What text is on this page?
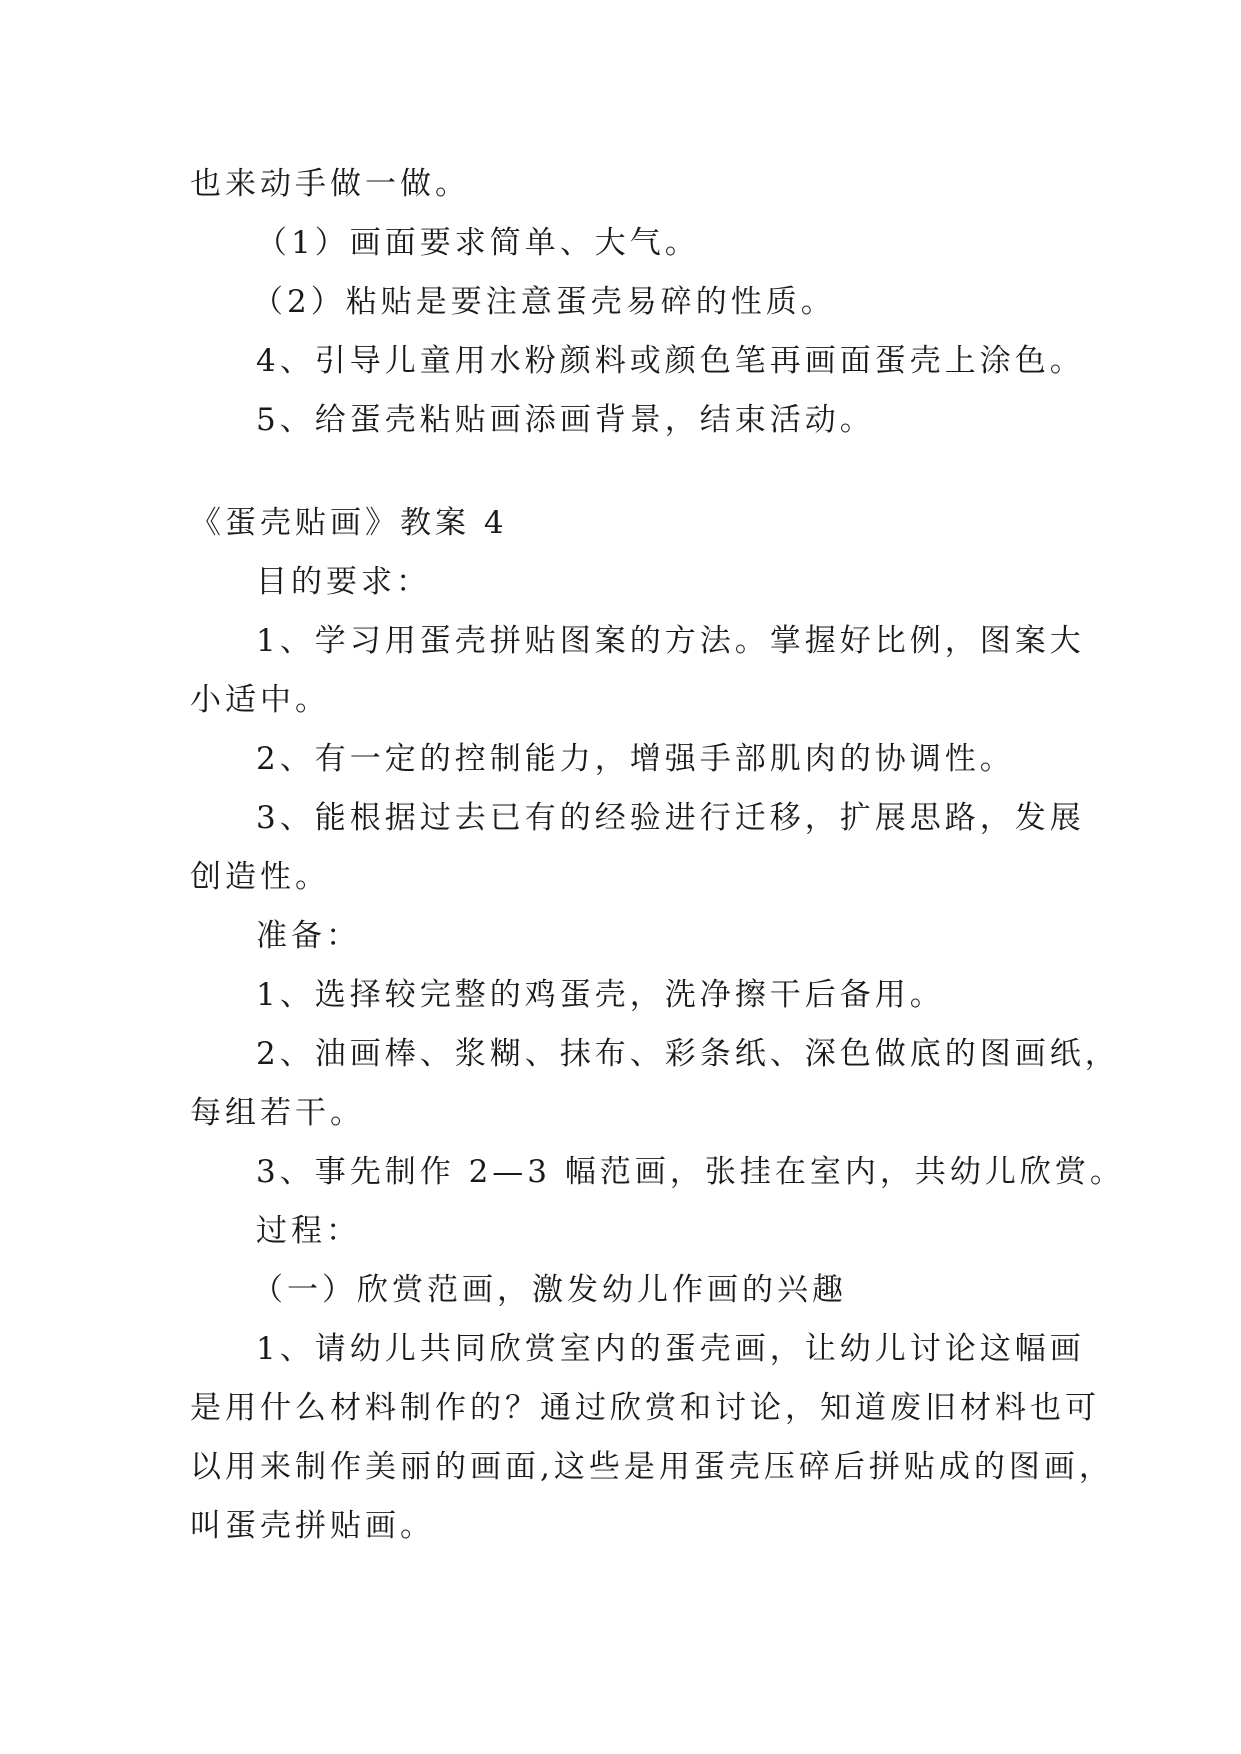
也来动手做一做。
（1）画面要求简单、大气。
（2）粘贴是要注意蛋壳易碎的性质。
4、引导儿童用水粉颜料或颜色笔再画面蛋壳上涂色。
5、给蛋壳粘贴画添画背景，结束活动。
《蛋壳贴画》教案 4
目的要求：
1、学习用蛋壳拼贴图案的方法。掌握好比例，图案大
小适中。
2、有一定的控制能力，增强手部肌肉的协调性。
3、能根据过去已有的经验进行迁移，扩展思路，发展
创造性。
准备：
1、选择较完整的鸡蛋壳，洗净擦干后备用。
2、油画棒、浆糊、抹布、彩条纸、深色做底的图画纸，
每组若干。
3、事先制作 2—3 幅范画，张挂在室内，共幼儿欣赏。
过程：
（一）欣赏范画，激发幼儿作画的兴趣
1、请幼儿共同欣赏室内的蛋壳画，让幼儿讨论这幅画
是用什么材料制作的？通过欣赏和讨论，知道废旧材料也可
以用来制作美丽的画面,这些是用蛋壳压碎后拼贴成的图画，
叫蛋壳拼贴画。
